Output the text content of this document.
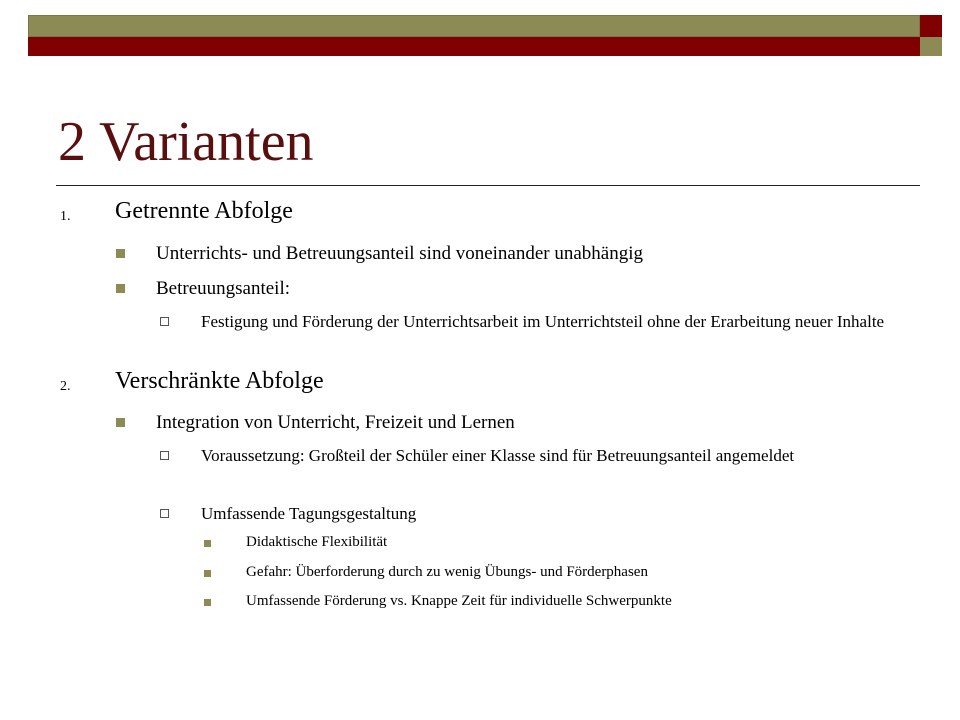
2 Varianten
1. Getrennte Abfolge
Unterrichts- und Betreuungsanteil sind voneinander unabhängig
Betreuungsanteil:
Festigung und Förderung der Unterrichtsarbeit im Unterrichtsteil ohne der Erarbeitung neuer Inhalte
2. Verschränkte Abfolge
Integration von Unterricht, Freizeit und Lernen
Voraussetzung: Großteil der Schüler einer Klasse sind für Betreuungsanteil angemeldet
Umfassende Tagungsgestaltung
Didaktische Flexibilität
Gefahr: Überforderung durch zu wenig Übungs- und Förderphasen
Umfassende Förderung vs. Knappe Zeit für individuelle Schwerpunkte
